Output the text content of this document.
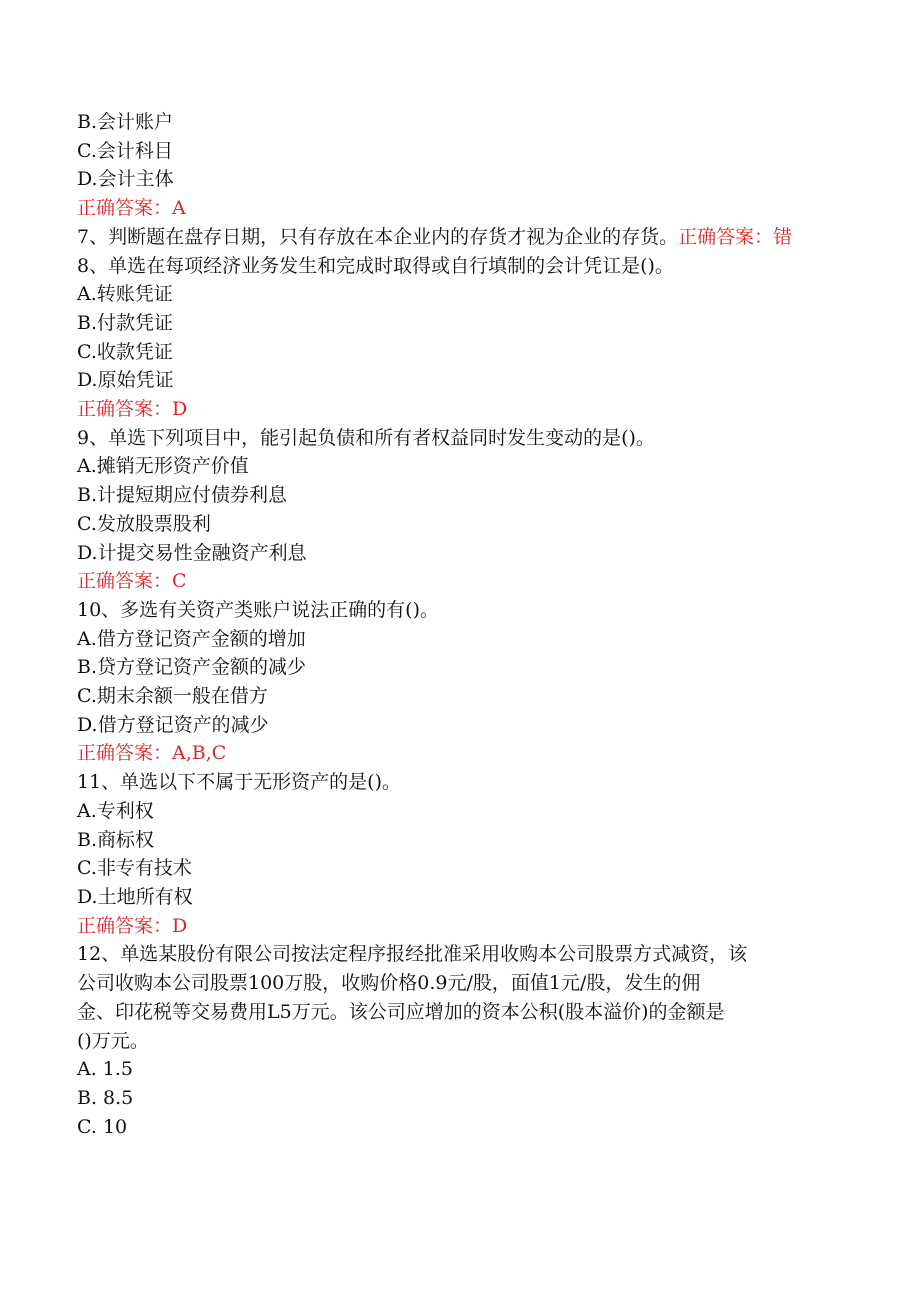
B.会计账户
C.会计科目
D.会计主体
正确答案：A
7、判断题在盘存日期，只有存放在本企业内的存货才视为企业的存货。正确答案：错
8、单选在每项经济业务发生和完成时取得或自行填制的会计凭讧是()。
A.转账凭证
B.付款凭证
C.收款凭证
D.原始凭证
正确答案：D
9、单选下列项目中，能引起负债和所有者权益同时发生变动的是()。
A.摊销无形资产价值
B.计提短期应付债券利息
C.发放股票股利
D.计提交易性金融资产利息
正确答案：C
10、多选有关资产类账户说法正确的有()。
A.借方登记资产金额的增加
B.贷方登记资产金额的减少
C.期末余额一般在借方
D.借方登记资产的减少
正确答案：A,B,C
11、单选以下不属于无形资产的是()。
A.专利权
B.商标权
C.非专有技术
D.土地所有权
正确答案：D
12、单选某股份有限公司按法定程序报经批准采用收购本公司股票方式减资，该
公司收购本公司股票100万股，收购价格0.9元/股，面值1元/股，发生的佣
金、印花税等交易费用L5万元。该公司应增加的资本公积(股本溢价)的金额是
()万元。
A. 1.5
B. 8.5
C. 10
